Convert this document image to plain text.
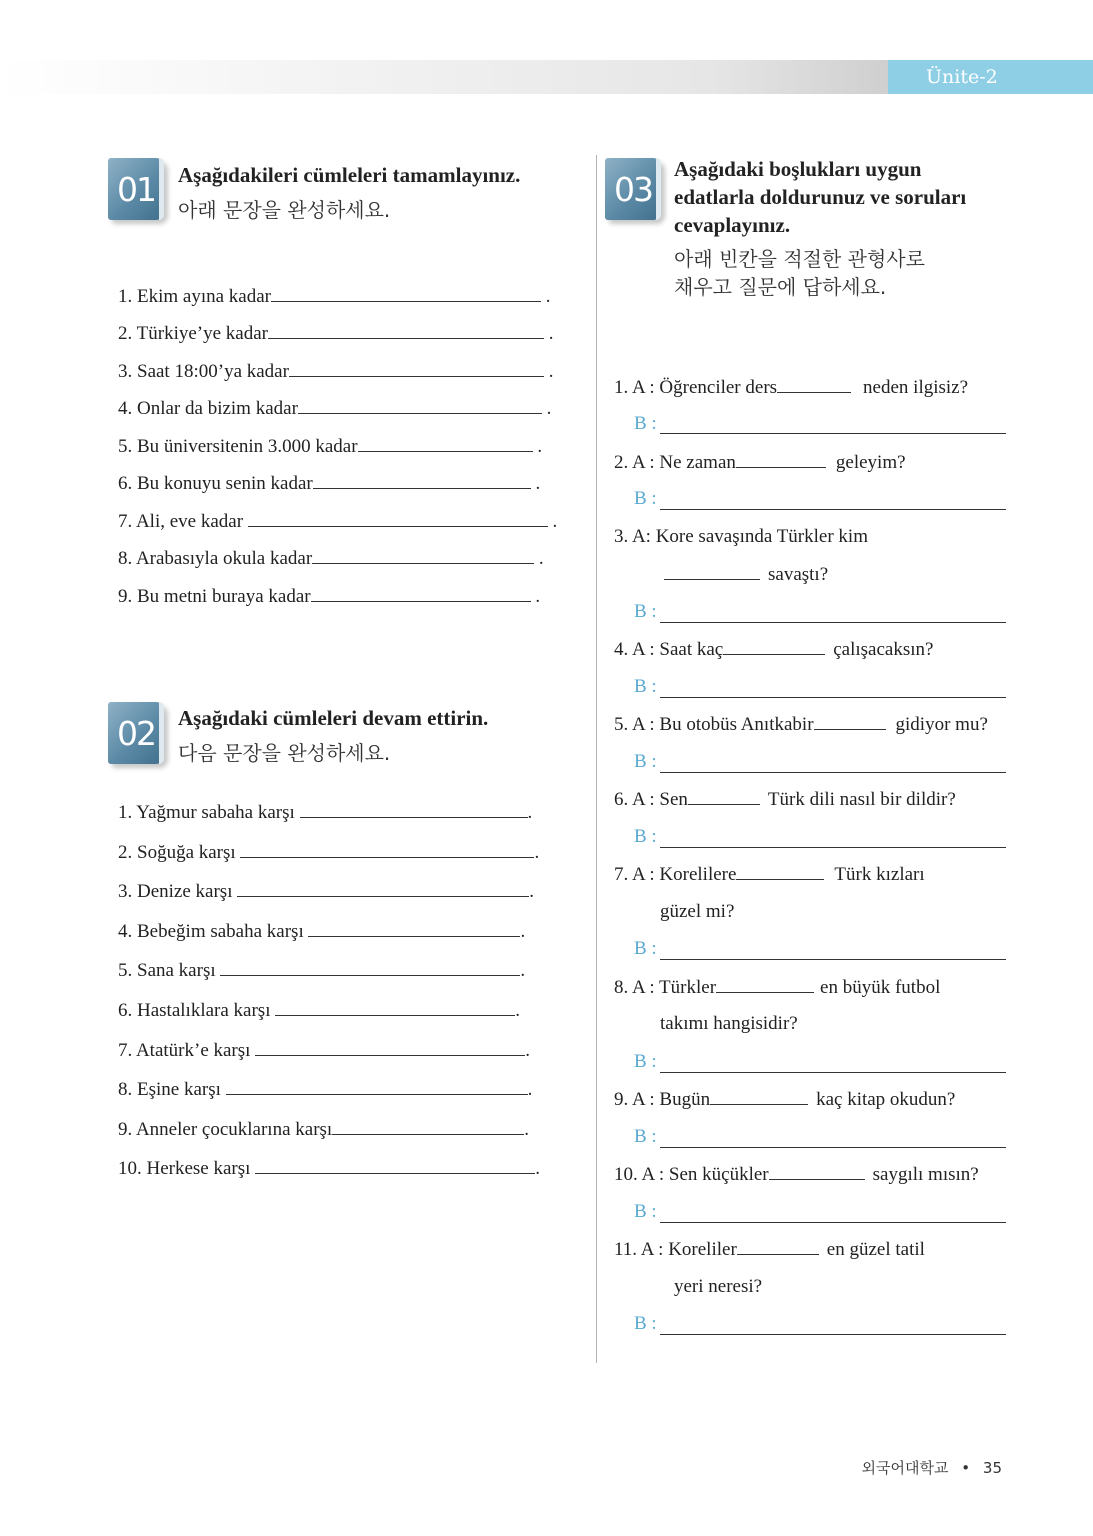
Ünite-2
01	Aşağıdakileri cümleleri tamamlayınız.
아래 문장을 완성하세요.
1. Ekim ayına kadar	.
2. Türkiye’ye kadar	.
3. Saat 18:00’ya kadar	.
4. Onlar da bizim kadar	.
5. Bu üniversitenin 3.000 kadar	.
6. Bu konuyu senin kadar	.
7. Ali, eve kadar	.
8. Arabasıyla okula kadar	.
9. Bu metni buraya kadar	.
02	Aşağıdaki cümleleri devam ettirin.
다음 문장을 완성하세요.
1. Yağmur sabaha karşı	.
2. Soğuğa karşı	.
3. Denize karşı	.
4. Bebeğim sabaha karşı	.
5. Sana karşı	.
6. Hastalıklara karşı	.
7. Atatürk’e karşı	.
8. Eşine karşı	.
9. Anneler çocuklarına karşı	.
10. Herkese karşı	.
03
Aşağıdaki boşlukları uygun
edatlarla doldurunuz ve soruları
cevaplayınız.
아래 빈칸을 적절한 관형사로
채우고 질문에 답하세요.
1. A : Öğrenciler ders	neden ilgisiz?
B :
2. A : Ne zaman	geleyim?
B :
3. A: Kore savaşında Türkler kim
savaştı?
B :
4. A : Saat kaç	çalışacaksın?
B :
5. A : Bu otobüs Anıtkabir	gidiyor mu?
B :
6. A : Sen	Türk dili nasıl bir dildir?
B :
7. A : Korelilere	Türk kızları
güzel mi?
B :
8. A : Türkler	en büyük futbol
takımı hangisidir?
B :
9. A : Bugün	kaç kitap okudun?
B :
10. A : Sen küçükler	saygılı mısın?
B :
11. A : Koreliler	en güzel tatil
yeri neresi?
B :
외국어대학교 • 35
